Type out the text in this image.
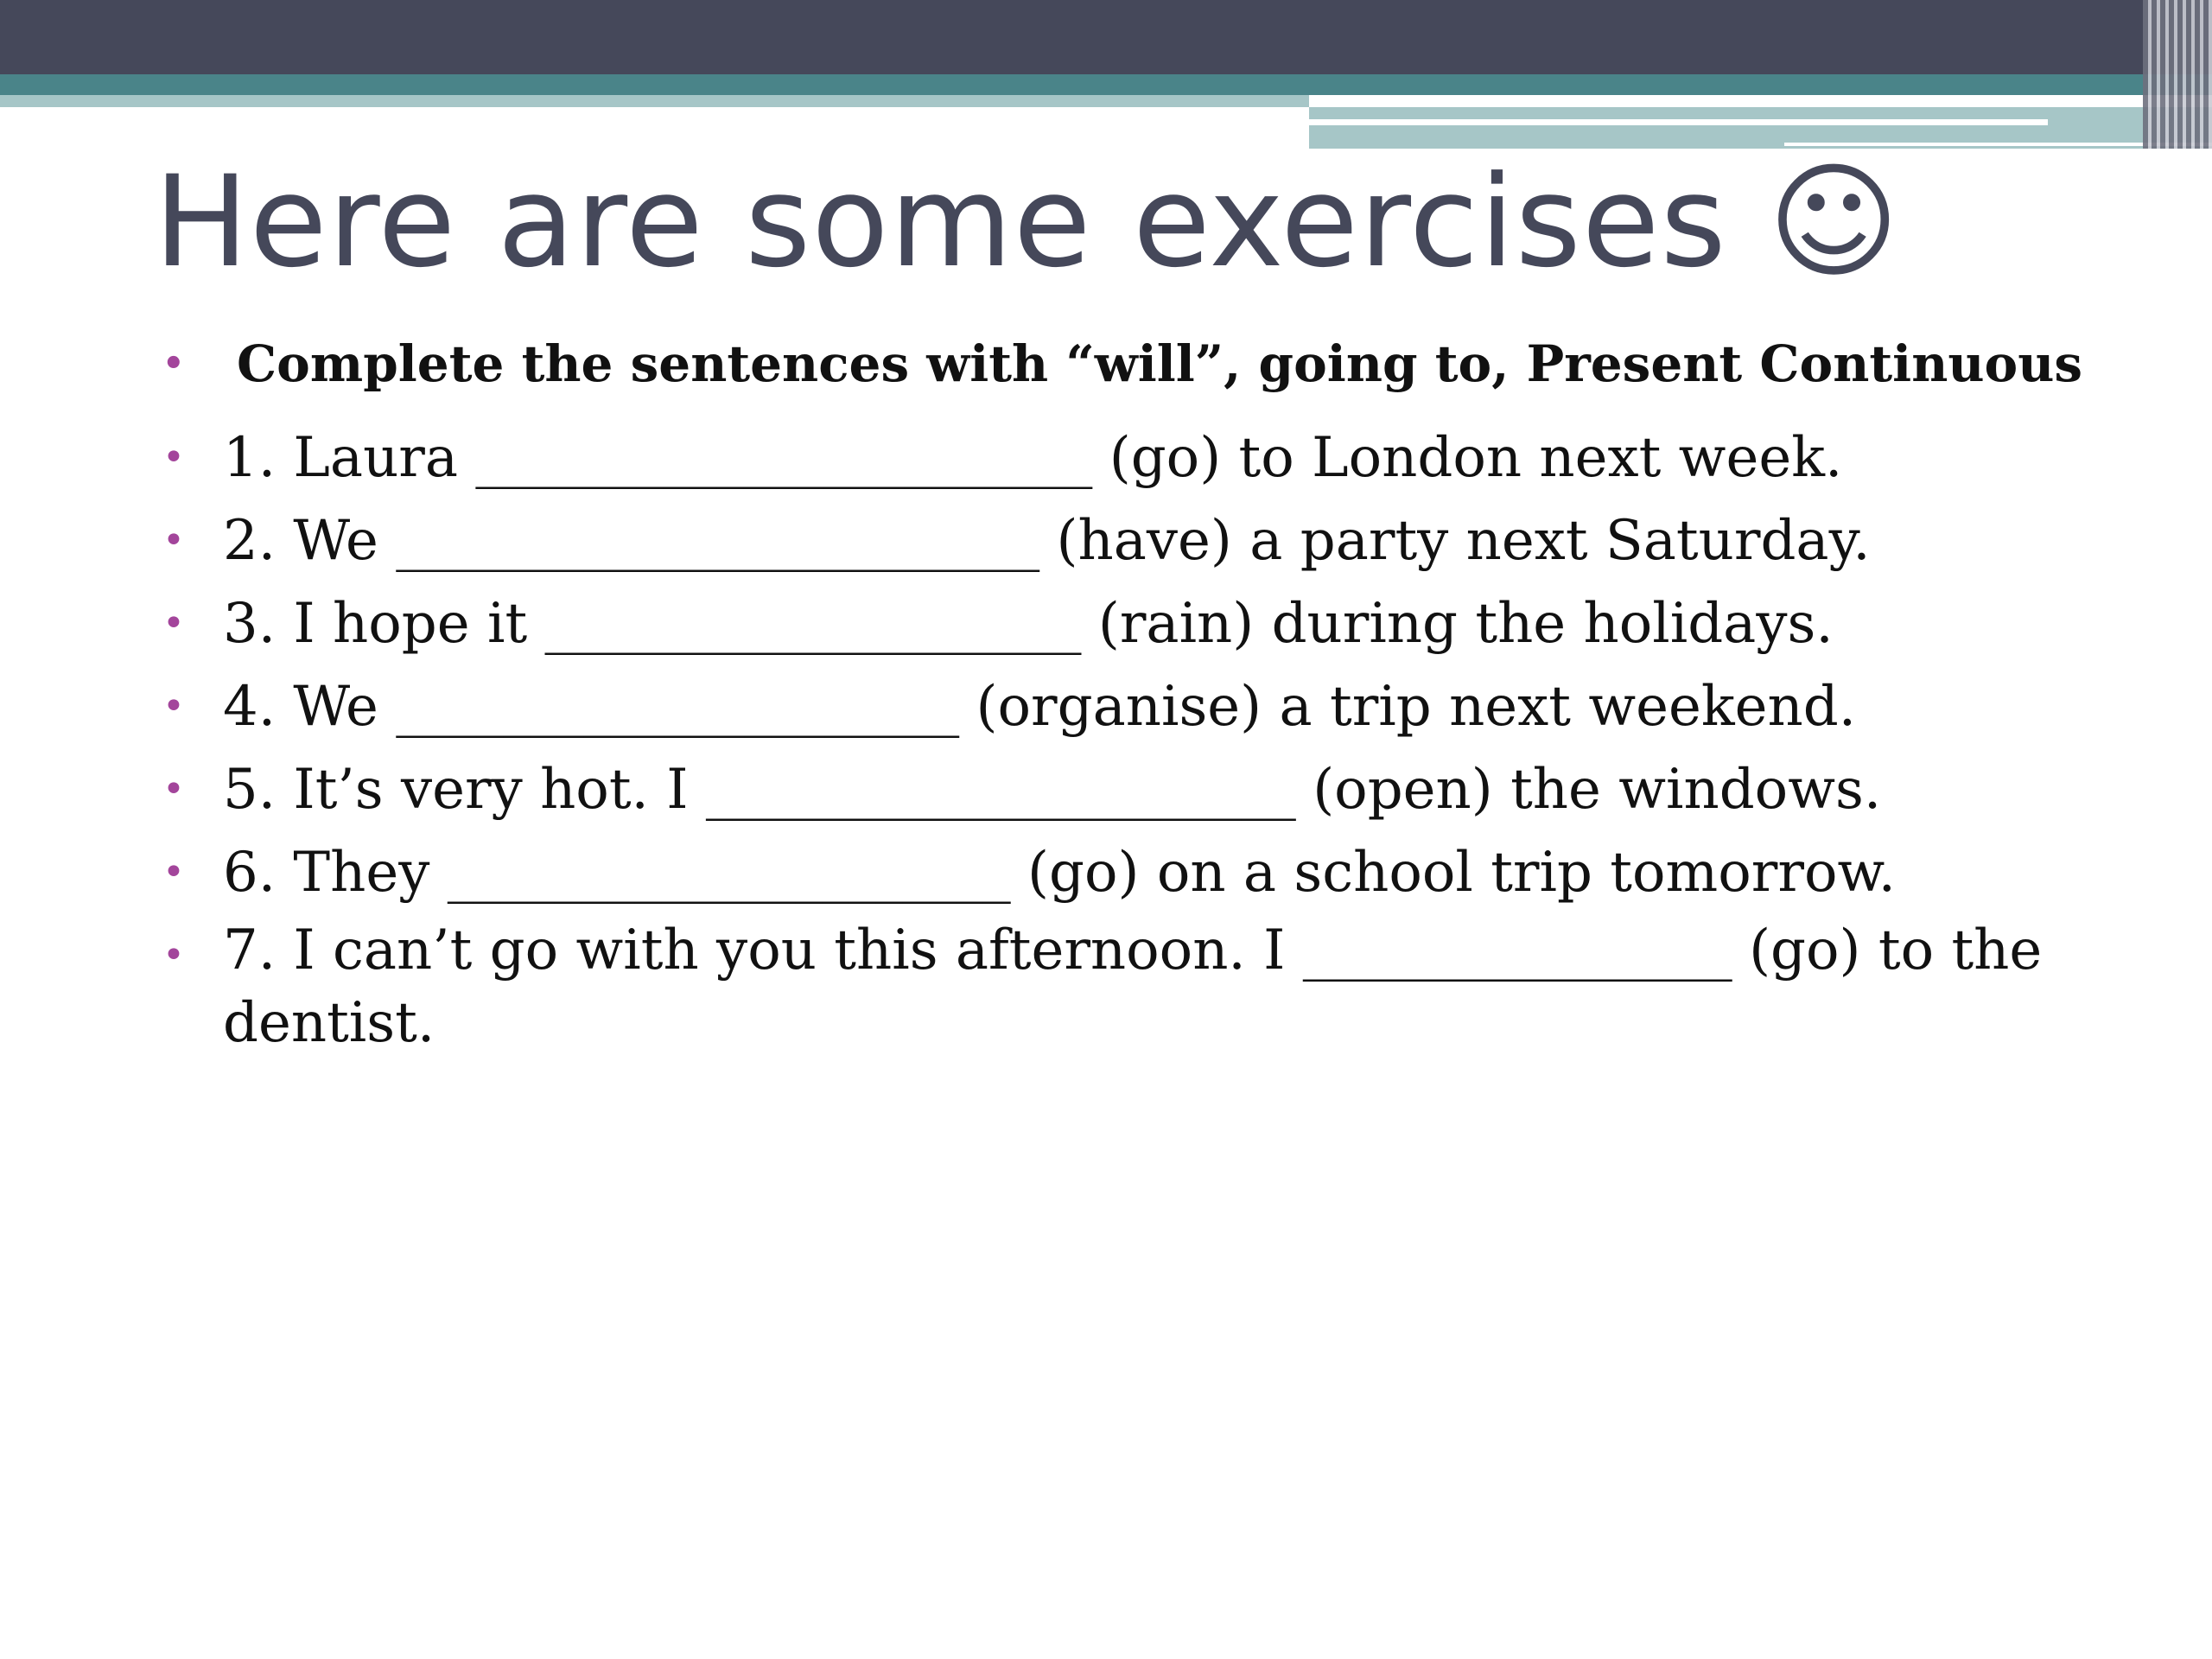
Here are some exercises ☺
• Complete the sentences with “will”, going to, Present Continuous
• 1. Laura _______________________ (go) to London next week.
• 2. We ________________________ (have) a party next Saturday.
• 3. I hope it ____________________ (rain) during the holidays.
• 4. We _____________________ (organise) a trip next weekend.
• 5. It’s very hot. I ______________________ (open) the windows.
• 6. They _____________________ (go) on a school trip tomorrow.
• 7. I can’t go with you this afternoon. I ________________ (go) to the dentist.
